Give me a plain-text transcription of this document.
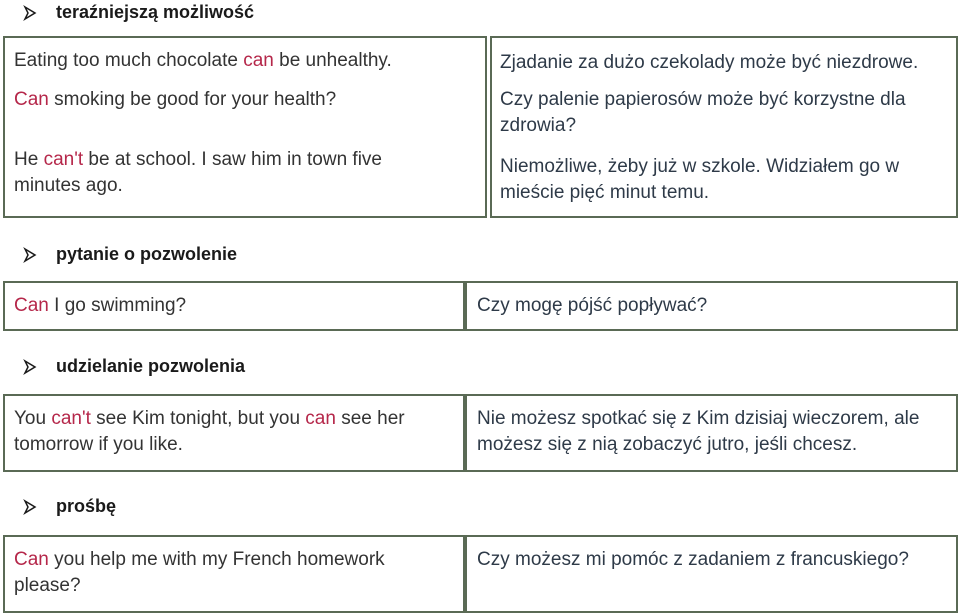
teraźniejszą możliwość
Eating too much chocolate can be unhealthy.
Can smoking be good for your health?
He can't be at school. I saw him in town five minutes ago.
Zjadanie za dużo czekolady może być niezdrowe.
Czy palenie papierosów może być korzystne dla zdrowia?
Niemożliwe, żeby już w szkole. Widziałem go w mieście pięć minut temu.
pytanie o pozwolenie
Can I go swimming?	Czy mogę pójść popływać?
udzielanie pozwolenia
You can't see Kim tonight, but you can see her tomorrow if you like.
Nie możesz spotkać się z Kim dzisiaj wieczorem, ale możesz się z nią zobaczyć jutro, jeśli chcesz.
prośbę
Can you help me with my French homework please?
Czy możesz mi pomóc z zadaniem z francuskiego?
